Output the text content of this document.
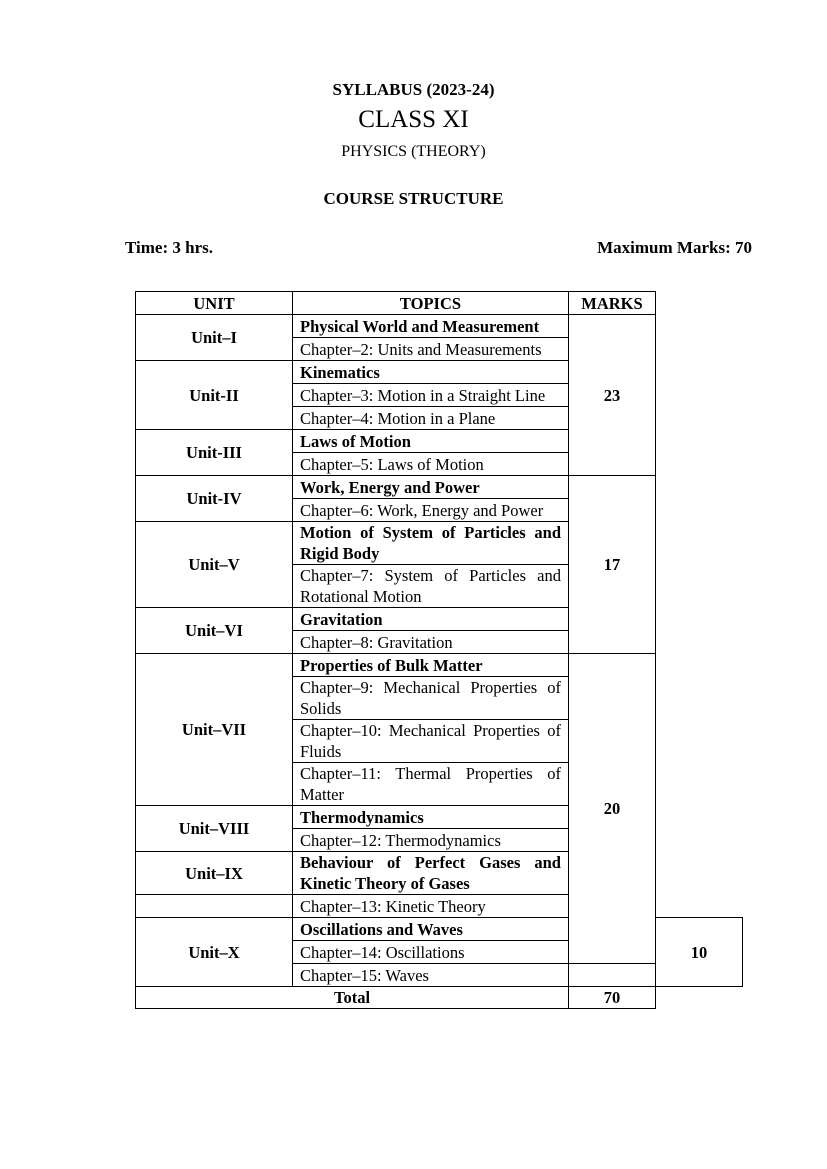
SYLLABUS (2023-24)
CLASS XI
PHYSICS (THEORY)
COURSE STRUCTURE
Time: 3 hrs.	Maximum Marks: 70
UNIT	TOPICS	MARKS	
Unit–I	Physical World and Measurement	23	
	Chapter–2: Units and Measurements		
Unit-II	Kinematics		
	Chapter–3: Motion in a Straight Line		
	Chapter–4: Motion in a Plane		
Unit-III	Laws of Motion		
	Chapter–5: Laws of Motion		
Unit-IV	Work, Energy and Power	17	
	Chapter–6: Work, Energy and Power		
Unit–V	Motion of System of Particles and Rigid Body		
	Chapter–7: System of Particles and Rotational Motion		
Unit–VI	Gravitation		
	Chapter–8: Gravitation		
Unit–VII	Properties of Bulk Matter	20	
	Chapter–9: Mechanical Properties of Solids		
	Chapter–10: Mechanical Properties of Fluids		
	Chapter–11: Thermal Properties of Matter		
Unit–VIII	Thermodynamics		
	Chapter–12: Thermodynamics		
Unit–IX	Behaviour of Perfect Gases and Kinetic Theory of Gases		
	Chapter–13: Kinetic Theory		
Unit–X	Oscillations and Waves		10
	Chapter–14: Oscillations		
	Chapter–15: Waves		
Total		70	
